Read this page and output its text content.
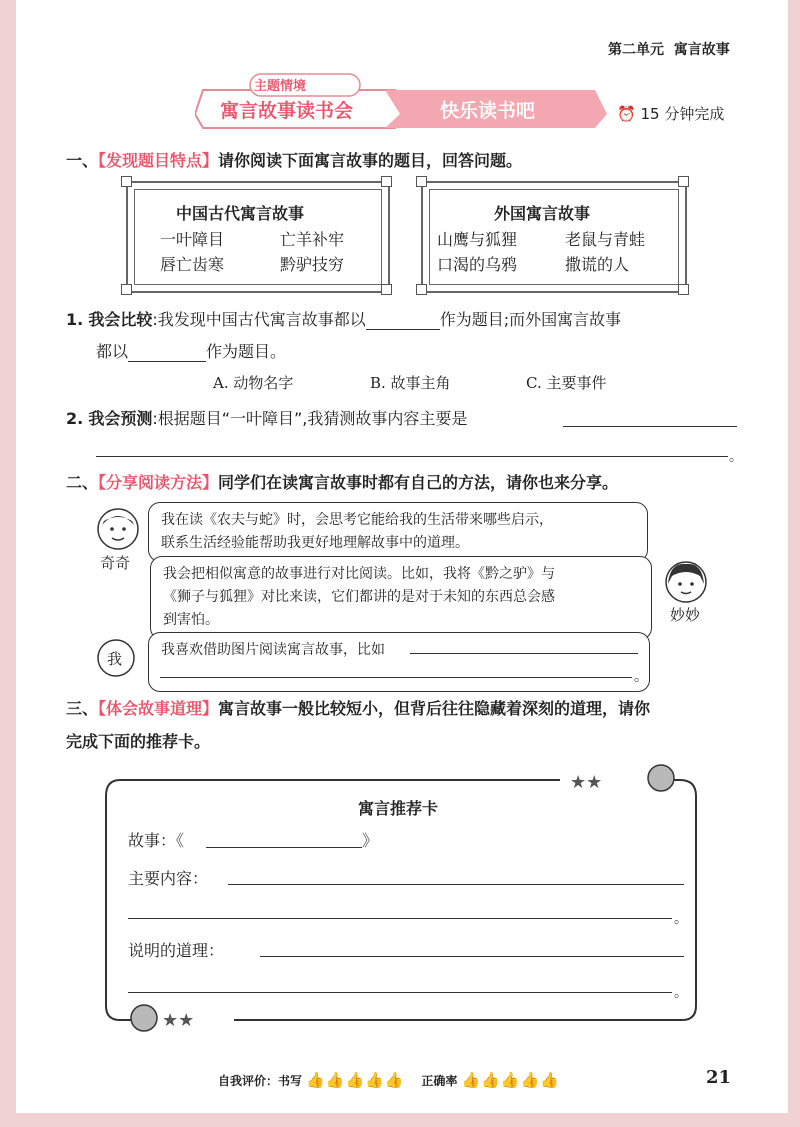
第二单元 寓言故事
主题情境
寓言故事读书会	快乐读书吧	⏰ 15 分钟完成
一、【发现题目特点】请你阅读下面寓言故事的题目，回答问题。
中国古代寓言故事
一叶障目	亡羊补牢
唇亡齿寒	黔驴技穷
外国寓言故事
山鹰与狐狸	老鼠与青蛙
口渴的乌鸦	撒谎的人
1. 我会比较:我发现中国古代寓言故事都以	作为题目;而外国寓言故事
都以	作为题目。
A. 动物名字	B. 故事主角	C. 主要事件
2. 我会预测:根据题目“一叶障目”,我猜测故事内容主要是
。
二、【分享阅读方法】同学们在读寓言故事时都有自己的方法，请你也来分享。
奇奇
我在读《农夫与蛇》时，会思考它能给我的生活带来哪些启示，
联系生活经验能帮助我更好地理解故事中的道理。
我会把相似寓意的故事进行对比阅读。比如，我将《黔之驴》与
《狮子与狐狸》对比来读，它们都讲的是对于未知的东西总会感
到害怕。	妙妙
我	我喜欢借助图片阅读寓言故事，比如
。
三、【体会故事道理】寓言故事一般比较短小，但背后往往隐藏着深刻的道理，请你
完成下面的推荐卡。
★★
★★
寓言推荐卡
故事：《	》
主要内容：
。
说明的道理：
。
自我评价：书写 👍👍👍👍👍 正确率 👍👍👍👍👍	21
